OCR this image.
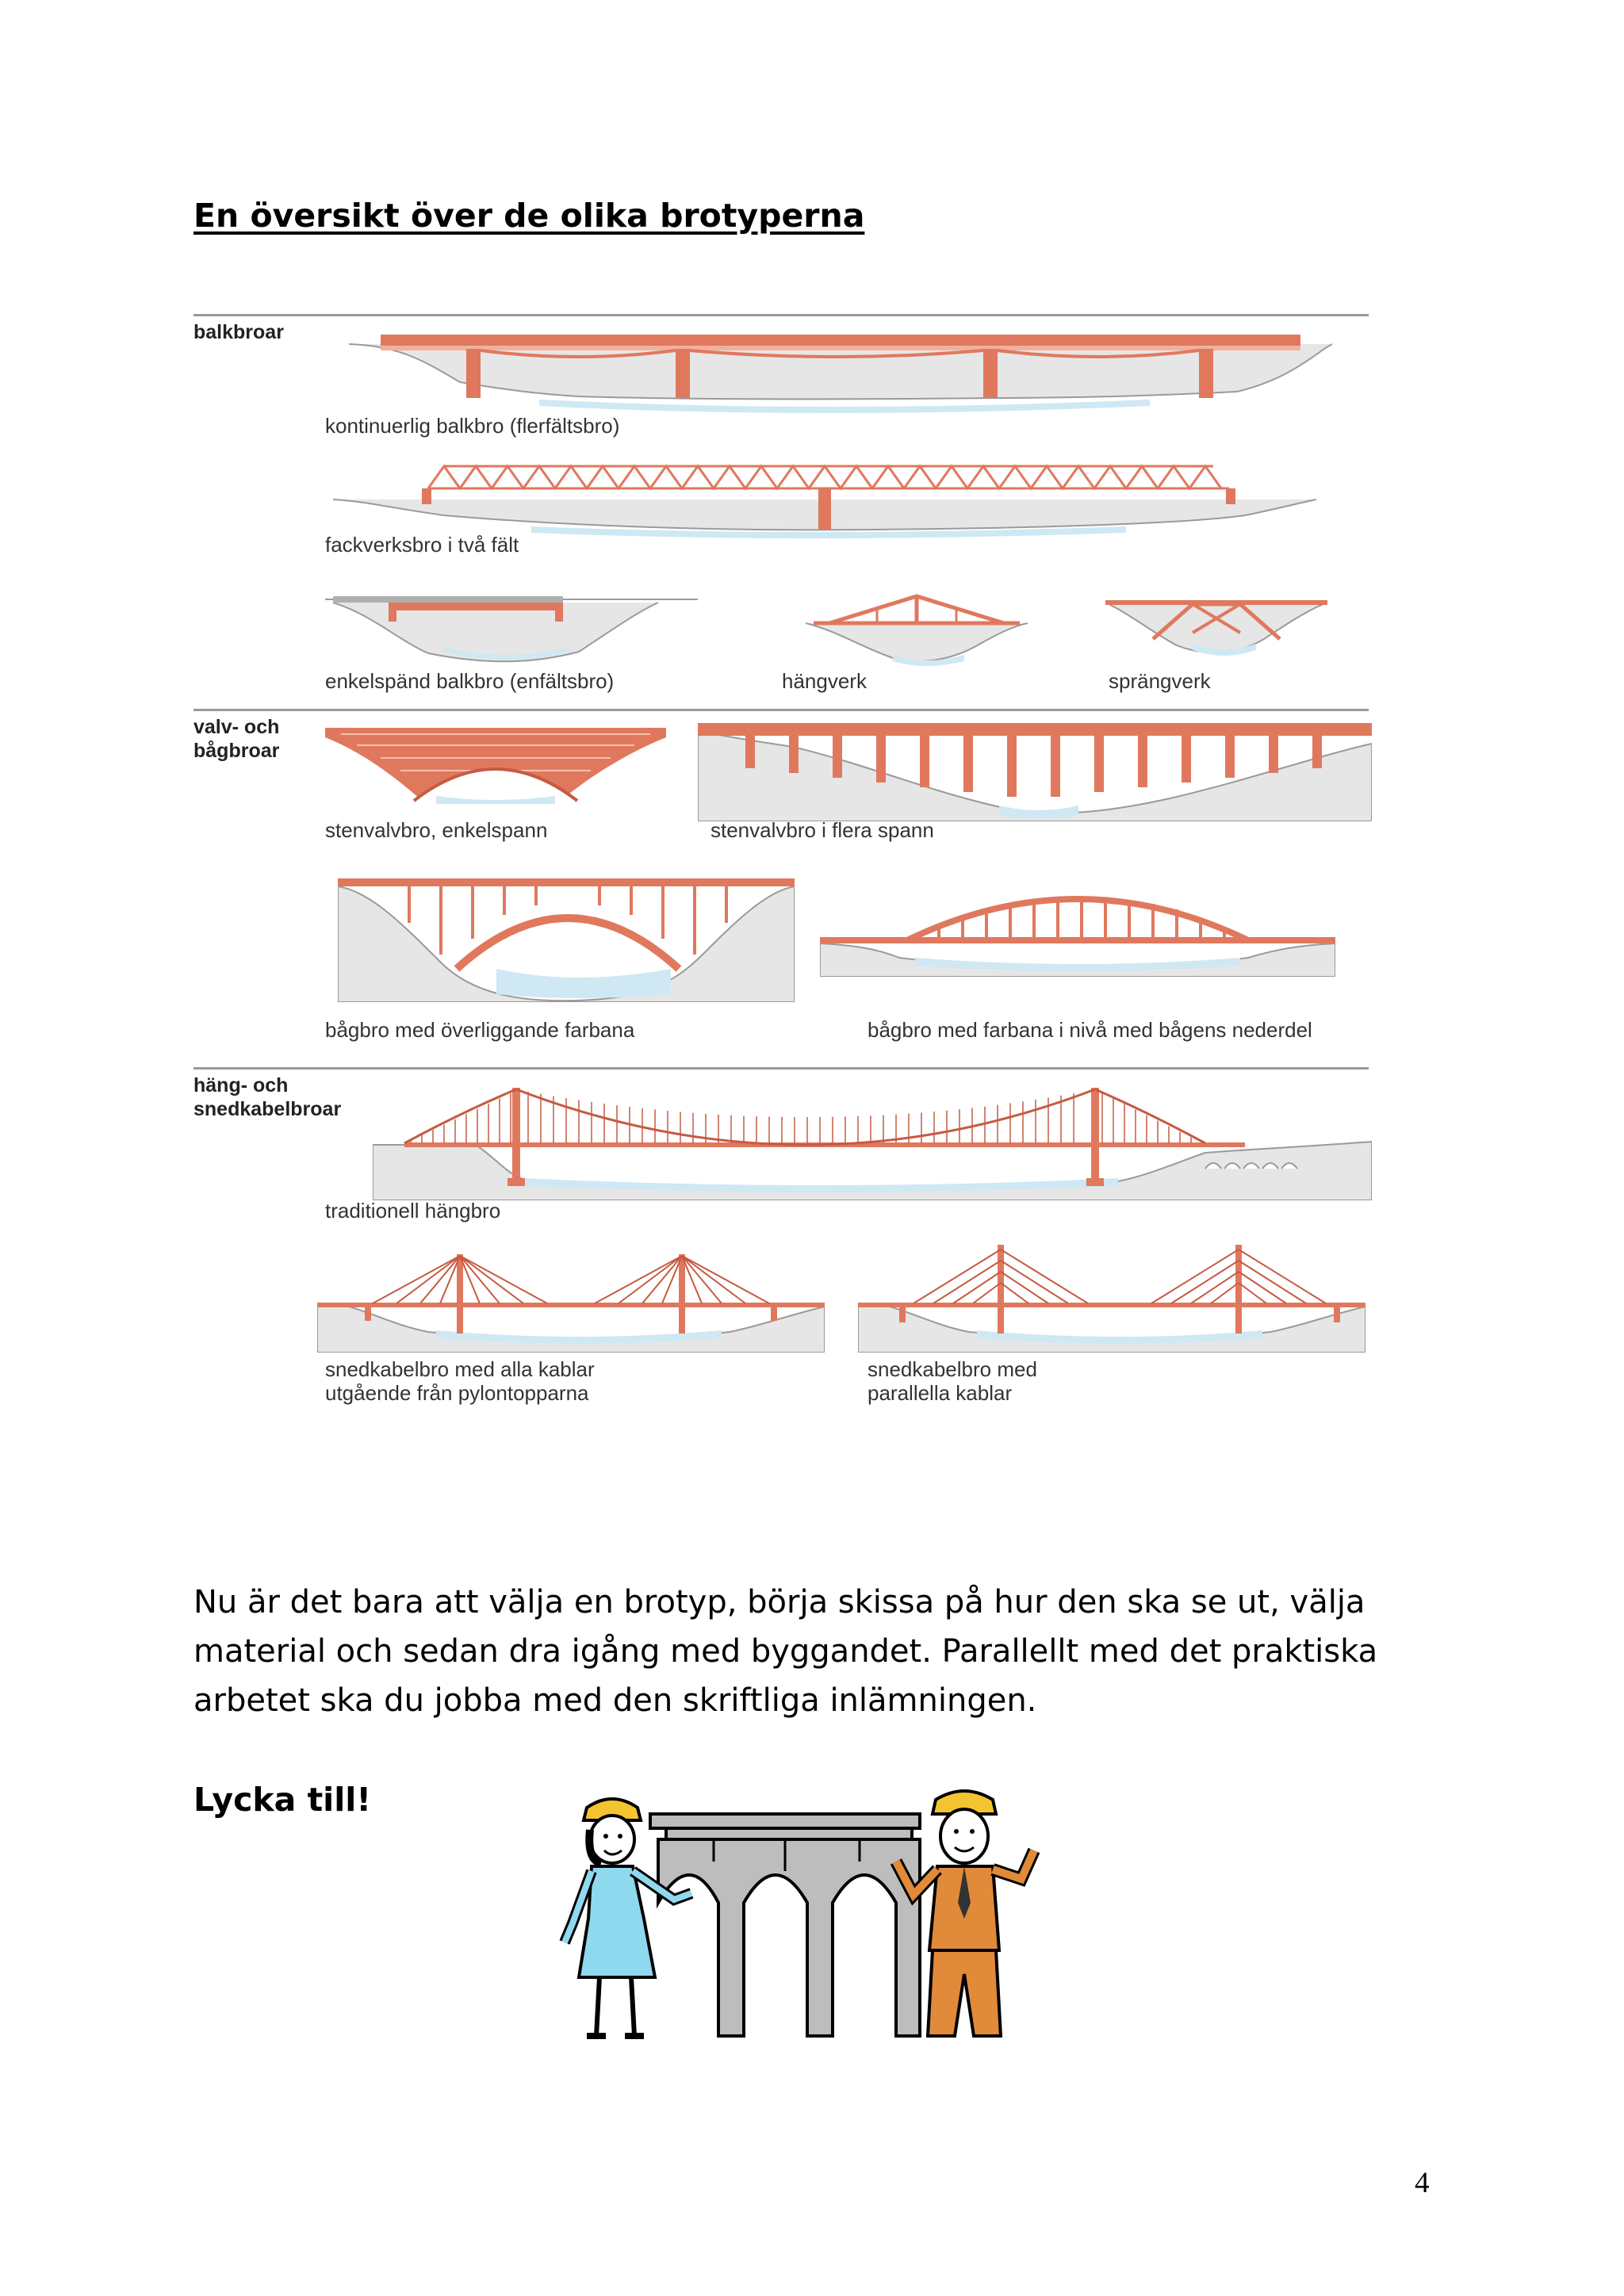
En översikt över de olika brotyperna
balkbroar
kontinuerlig balkbro (flerfältsbro)
fackverksbro i två fält
enkelspänd balkbro (enfältsbro)	hängverk	sprängverk
valv- och
bågbroar
stenvalvbro, enkelspann	stenvalvbro i flera spann
bågbro med överliggande farbana	bågbro med farbana i nivå med bågens nederdel
häng- och
snedkabelbroar
traditionell hängbro
snedkabelbro med alla kablar
utgående från pylontopparna
snedkabelbro med
parallella kablar
Nu är det bara att välja en brotyp, börja skissa på hur den ska se ut, välja material och sedan dra igång med byggandet. Parallellt med det praktiska arbetet ska du jobba med den skriftliga inlämningen.
Lycka till!
4
